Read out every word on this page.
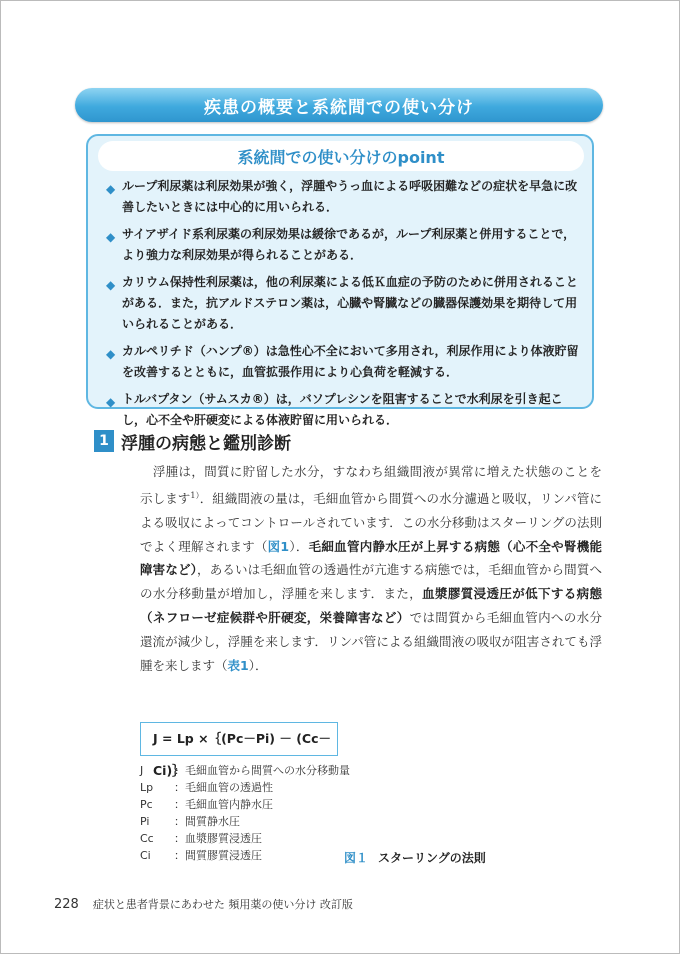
疾患の概要と系統間での使い分け
系統間での使い分けのpoint
◆ ループ利尿薬は利尿効果が強く，浮腫やうっ血による呼吸困難などの症状を早急に改善したいときには中心的に用いられる．
◆ サイアザイド系利尿薬の利尿効果は緩徐であるが，ループ利尿薬と併用することで，より強力な利尿効果が得られることがある．
◆ カリウム保持性利尿薬は，他の利尿薬による低Ｋ血症の予防のために併用されることがある．また，抗アルドステロン薬は，心臓や腎臓などの臓器保護効果を期待して用いられることがある．
◆ カルペリチド（ハンプ®）は急性心不全において多用され，利尿作用により体液貯留を改善するとともに，血管拡張作用により心負荷を軽減する．
◆ トルバプタン（サムスカ®）は，バソプレシンを阻害することで水利尿を引き起こし，心不全や肝硬変による体液貯留に用いられる．
1 浮腫の病態と鑑別診断

　浮腫は，間質に貯留した水分，すなわち組織間液が異常に増えた状態のことを示します$^{1)}$．組織間液の量は，毛細血管から間質への水分濾過と吸収，リンパ管による吸収によってコントロールされています．この水分移動はスターリングの法則でよく理解されます（図1）．毛細血管内静水圧が上昇する病態（心不全や腎機能障害など），あるいは毛細血管の透過性が亢進する病態では，毛細血管から間質への水分移動量が増加し，浮腫を来します．また，血漿膠質浸透圧が低下する病態（ネフローゼ症候群や肝硬変，栄養障害など）では間質から毛細血管内への水分還流が減少し，浮腫を来します．リンパ管による組織間液の吸収が阻害されても浮腫を来します（表1）．

J = Lp ×｛(Pc－Pi) － (Cc－Ci)｝
J	：毛細血管から間質への水分移動量
Lp ：毛細血管の透過性
Pc ：毛細血管内静水圧
Pi ：間質静水圧
Cc ：血漿膠質浸透圧
Ci ：間質膠質浸透圧	図１ スターリングの法則
228 症状と患者背景にあわせた 頻用薬の使い分け 改訂版
